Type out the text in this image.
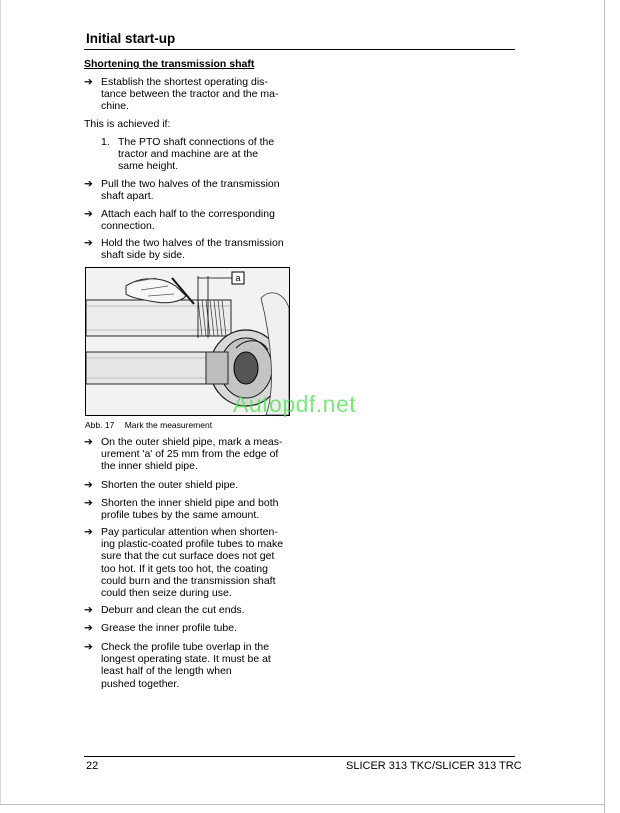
Initial start-up
Shortening the transmission shaft
➔ Establish the shortest operating dis-
tance between the tractor and the ma-
chine.
This is achieved if:
1. The PTO shaft connections of the
tractor and machine are at the
same height.
➔ Pull the two halves of the transmission
shaft apart.
➔ Attach each half to the corresponding
connection.
➔ Hold the two halves of the transmission
shaft side by side.
a
Abb. 17 Mark the measurement
Autopdf.net
➔ On the outer shield pipe, mark a meas-
urement 'a' of 25 mm from the edge of
the inner shield pipe.
➔ Shorten the outer shield pipe.
➔ Shorten the inner shield pipe and both
profile tubes by the same amount.
➔ Pay particular attention when shorten-
ing plastic-coated profile tubes to make
sure that the cut surface does not get
too hot. If it gets too hot, the coating
could burn and the transmission shaft
could then seize during use.
➔ Deburr and clean the cut ends.
➔ Grease the inner profile tube.
➔ Check the profile tube overlap in the
longest operating state. It must be at
least half of the length when
pushed together.
22	SLICER 313 TKC/SLICER 313 TRC
